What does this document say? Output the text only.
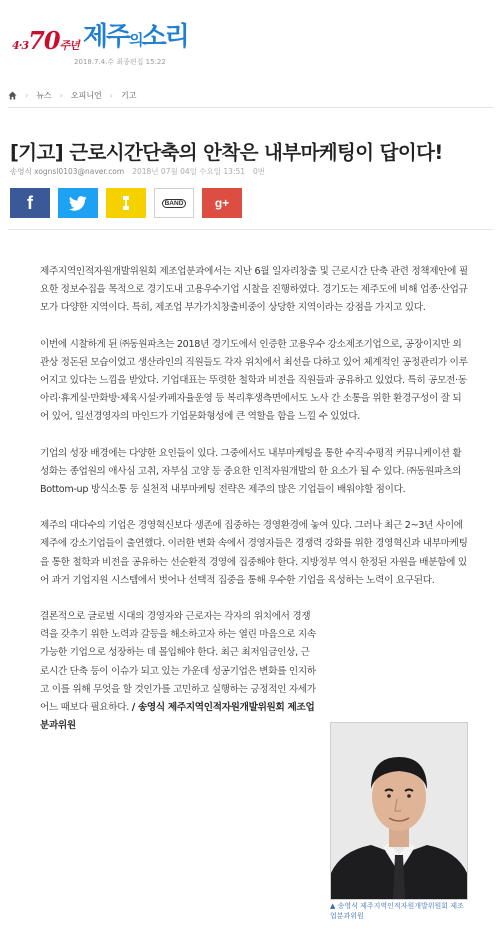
4·370주년 제주의소리
2018.7.4.수 최종편집 15:22
› 뉴스 › 오피니언 › 기고
[기고] 근로시간단축의 안착은 내부마케팅이 답이다!
송영식 xognsl0103@naver.com 2018년 07월 04일 수요일 13:51 0번
f	BAND	g+

제주지역인적자원개발위원회 제조업분과에서는 지난 6월 일자리창출 및 근로시간 단축 관련 정책제안에 필요한 정보수집을 목적으로 경기도내 고용우수기업 시찰을 진행하였다. 경기도는 제주도에 비해 업종·산업규모가 다양한 지역이다. 특히, 제조업 부가가치창출비중이 상당한 지역이라는 강점을 가지고 있다.

이번에 시찰하게 된 ㈜동원파츠는 2018년 경기도에서 인증한 고용우수 강소제조기업으로, 공장이지만 외관상 정돈된 모습이었고 생산라인의 직원들도 각자 위치에서 최선을 다하고 있어 체계적인 공정관리가 이루어지고 있다는 느낌을 받았다. 기업대표는 뚜렷한 철학과 비전을 직원들과 공유하고 있었다. 특히 공모전·동아리·휴게실·만화방·체육시설·카페자율운영 등 복리후생측면에서도 노사 간 소통을 위한 환경구성이 잘 되어 있어, 일선경영자의 마인드가 기업문화형성에 큰 역할을 함을 느낄 수 있었다.

기업의 성장 배경에는 다양한 요인들이 있다. 그중에서도 내부마케팅을 통한 수직·수평적 커뮤니케이션 활성화는 종업원의 애사심 고취, 자부심 고양 등 중요한 인적자원개발의 한 요소가 될 수 있다. ㈜동원파츠의 Bottom-up 방식소통 등 실천적 내부마케팅 전략은 제주의 많은 기업들이 배워야할 점이다.

제주의 대다수의 기업은 경영혁신보다 생존에 집중하는 경영환경에 놓여 있다. 그러나 최근 2~3년 사이에 제주에 강소기업들이 출연했다. 이러한 변화 속에서 경영자들은 경쟁력 강화를 위한 경영혁신과 내부마케팅을 통한 철학과 비전을 공유하는 선순환적 경영에 집중해야 한다. 지방정부 역시 한정된 자원을 배분함에 있어 과거 기업지원 시스템에서 벗어나 선택적 집중을 통해 우수한 기업을 육성하는 노력이 요구된다.

결론적으로 글로벌 시대의 경영자와 근로자는 각자의 위치에서 경쟁력을 갖추기 위한 노력과 갈등을 해소하고자 하는 열린 마음으로 지속가능한 기업으로 성장하는 데 몰입해야 한다. 최근 최저임금인상, 근로시간 단축 등이 이슈가 되고 있는 가운데 성공기업은 변화를 인지하고 이를 위해 무엇을 할 것인가를 고민하고 실행하는 긍정적인 자세가 어느 때보다 필요하다. / 송영식 제주지역인적자원개발위원회 제조업분과위원

▲ 송영식 제주지역인적자원개발위원회 제조업분과위원
